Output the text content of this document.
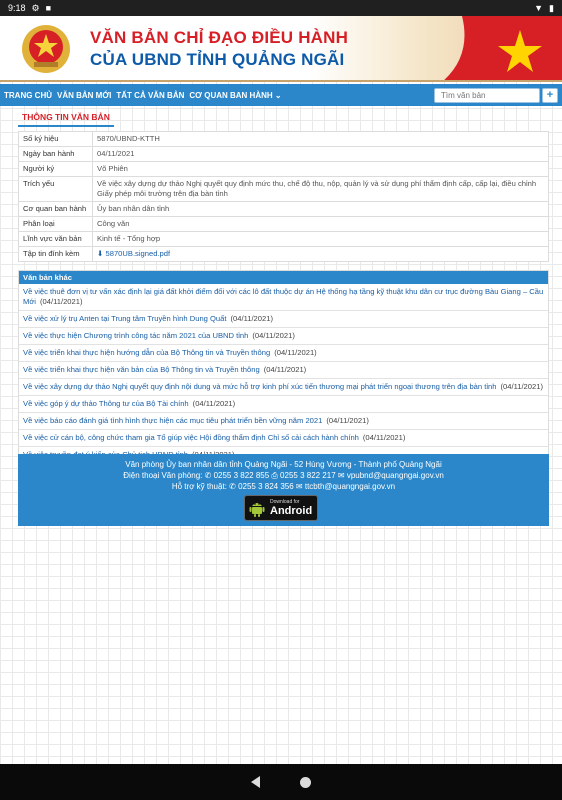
9:18 ⚙ ■	▼ ▮
VĂN BẢN CHỈ ĐẠO ĐIỀU HÀNH
CỦA UBND TỈNH QUẢNG NGÃI
TRANG CHỦ VĂN BẢN MỚI TẤT CẢ VĂN BẢN CƠ QUAN BAN HÀNH ⌄
Tìm văn bản	+
THÔNG TIN VĂN BẢN
Số ký hiệu	5870/UBND-KTTH
Ngày ban hành	04/11/2021
Người ký	Võ Phiên
Trích yếu	Về việc xây dựng dự thảo Nghị quyết quy định mức thu, chế độ thu, nộp, quản lý và sử dụng phí thẩm định cấp, cấp lại, điều chỉnh Giấy phép môi trường trên địa bàn tỉnh
Cơ quan ban hành	Ủy ban nhân dân tỉnh
Phân loại	Công văn
Lĩnh vực văn bản	Kinh tế - Tổng hợp
Tập tin đính kèm	⬇ 5870UB.signed.pdf
Văn bản khác
Về việc thuê đơn vị tư vấn xác định lại giá đất khởi điểm đối với các lô đất thuộc dự án Hệ thống hạ tầng kỹ thuật khu dân cư trục đường Bàu Giang – Cầu Mới (04/11/2021)
Về việc xử lý trụ Anten tại Trung tâm Truyền hình Dung Quất (04/11/2021)
Về việc thực hiện Chương trình công tác năm 2021 của UBND tỉnh (04/11/2021)
Về việc triển khai thực hiện hướng dẫn của Bộ Thông tin và Truyền thông (04/11/2021)
Về việc triển khai thực hiện văn bản của Bộ Thông tin và Truyền thông (04/11/2021)
Về việc xây dựng dự thảo Nghị quyết quy định nội dung và mức hỗ trợ kinh phí xúc tiến thương mại phát triển ngoại thương trên địa bàn tỉnh (04/11/2021)
Về việc góp ý dự thảo Thông tư của Bộ Tài chính (04/11/2021)
Về việc báo cáo đánh giá tình hình thực hiện các mục tiêu phát triển bền vững năm 2021 (04/11/2021)
Về việc cử cán bộ, công chức tham gia Tổ giúp việc Hội đồng thẩm định Chỉ số cải cách hành chính (04/11/2021)
Văn phòng Ủy ban nhân dân tỉnh Quảng Ngãi - 52 Hùng Vương - Thành phố Quảng Ngãi
Điện thoại Văn phòng: ✆ 0255 3 822 855 ⎙ 0255 3 822 217 ✉ vpubnd@quangngai.gov.vn
Hỗ trợ kỹ thuật: ✆ 0255 3 824 356 ✉ ttcbth@quangngai.gov.vn
Download for
Android
